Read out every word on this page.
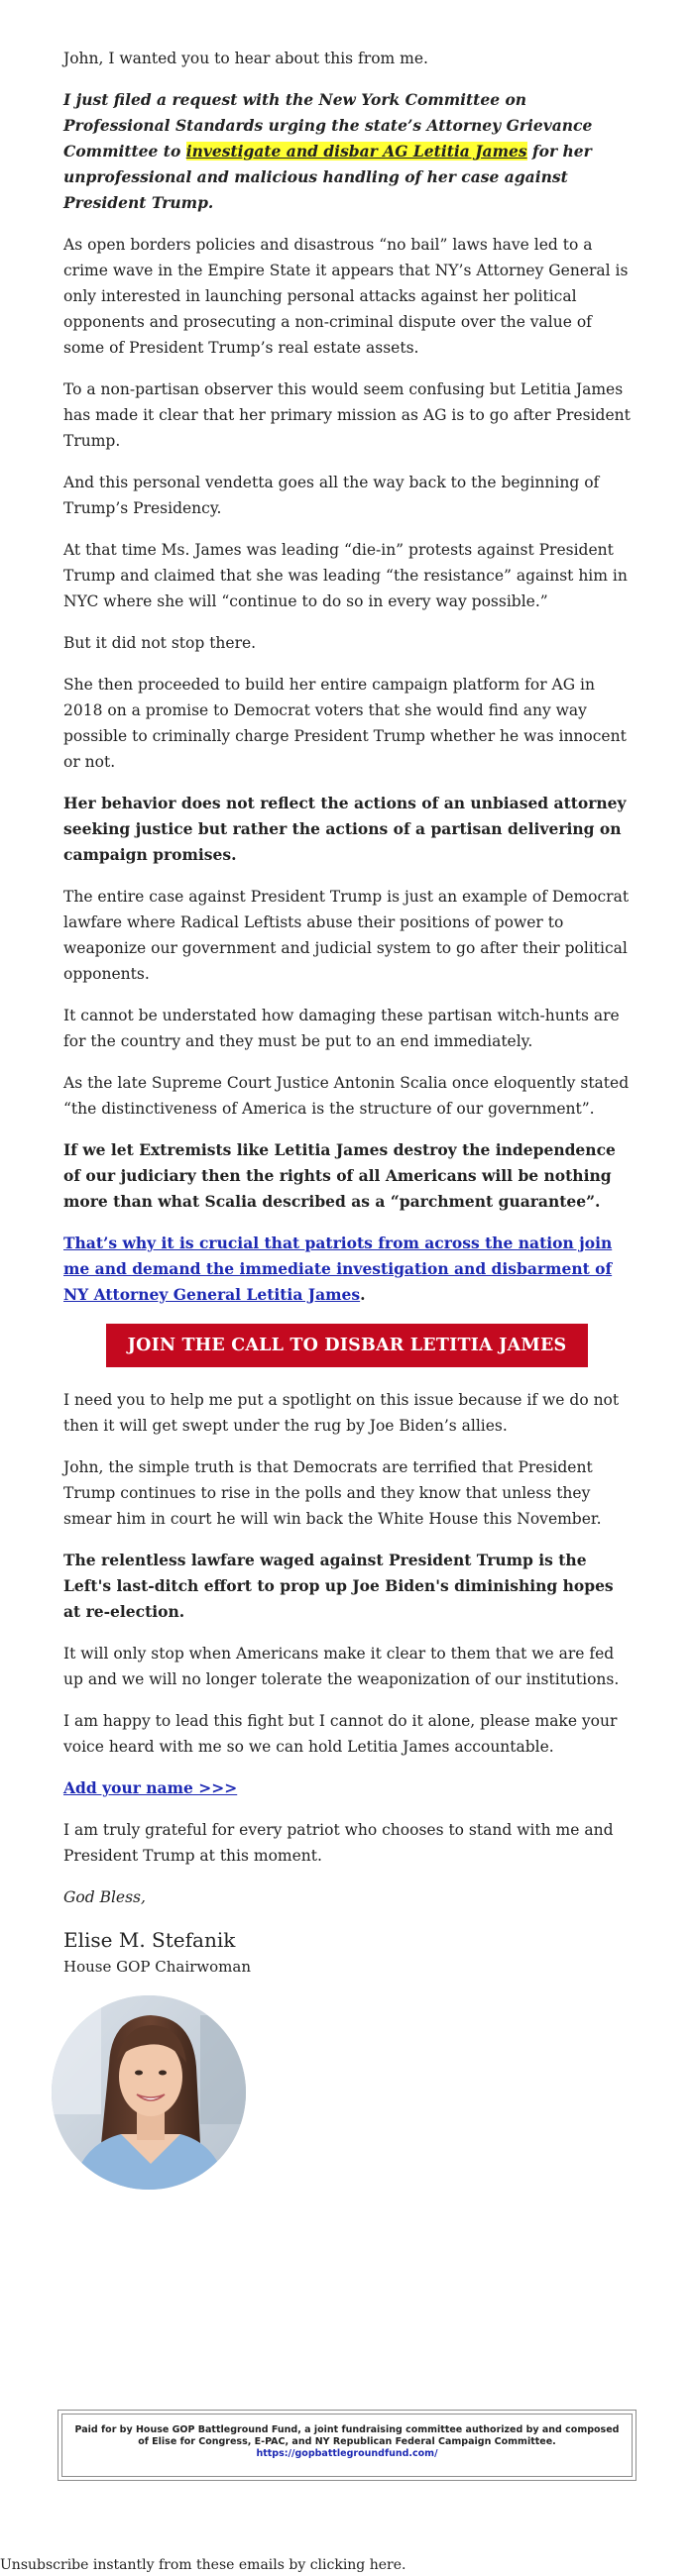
John, I wanted you to hear about this from me.

I just filed a request with the New York Committee on Professional Standards urging the state’s Attorney Grievance Committee to investigate and disbar AG Letitia James for her unprofessional and malicious handling of her case against President Trump.

As open borders policies and disastrous “no bail” laws have led to a crime wave in the Empire State it appears that NY’s Attorney General is only interested in launching personal attacks against her political opponents and prosecuting a non-criminal dispute over the value of some of President Trump’s real estate assets.

To a non-partisan observer this would seem confusing but Letitia James has made it clear that her primary mission as AG is to go after President Trump.

And this personal vendetta goes all the way back to the beginning of Trump’s Presidency.

At that time Ms. James was leading “die-in” protests against President Trump and claimed that she was leading “the resistance” against him in NYC where she will “continue to do so in every way possible.”

But it did not stop there.

She then proceeded to build her entire campaign platform for AG in 2018 on a promise to Democrat voters that she would find any way possible to criminally charge President Trump whether he was innocent or not.

Her behavior does not reflect the actions of an unbiased attorney seeking justice but rather the actions of a partisan delivering on campaign promises.

The entire case against President Trump is just an example of Democrat lawfare where Radical Leftists abuse their positions of power to weaponize our government and judicial system to go after their political opponents.

It cannot be understated how damaging these partisan witch-hunts are for the country and they must be put to an end immediately.

As the late Supreme Court Justice Antonin Scalia once eloquently stated “the distinctiveness of America is the structure of our government”.

If we let Extremists like Letitia James destroy the independence of our judiciary then the rights of all Americans will be nothing more than what Scalia described as a “parchment guarantee”.

That’s why it is crucial that patriots from across the nation join me and demand the immediate investigation and disbarment of NY Attorney General Letitia James.

JOIN THE CALL TO DISBAR LETITIA JAMES

I need you to help me put a spotlight on this issue because if we do not then it will get swept under the rug by Joe Biden’s allies.

John, the simple truth is that Democrats are terrified that President Trump continues to rise in the polls and they know that unless they smear him in court he will win back the White House this November.

The relentless lawfare waged against President Trump is the Left's last-ditch effort to prop up Joe Biden's diminishing hopes at re-election.

It will only stop when Americans make it clear to them that we are fed up and we will no longer tolerate the weaponization of our institutions.

I am happy to lead this fight but I cannot do it alone, please make your voice heard with me so we can hold Letitia James accountable.

Add your name >>>

I am truly grateful for every patriot who chooses to stand with me and President Trump at this moment.

God Bless,

Elise M. Stefanik
House GOP Chairwoman
Paid for by House GOP Battleground Fund, a joint fundraising committee authorized by and composed of Elise for Congress, E-PAC, and NY Republican Federal Campaign Committee.
https://gopbattlegroundfund.com/
Unsubscribe instantly from these emails by clicking here.
